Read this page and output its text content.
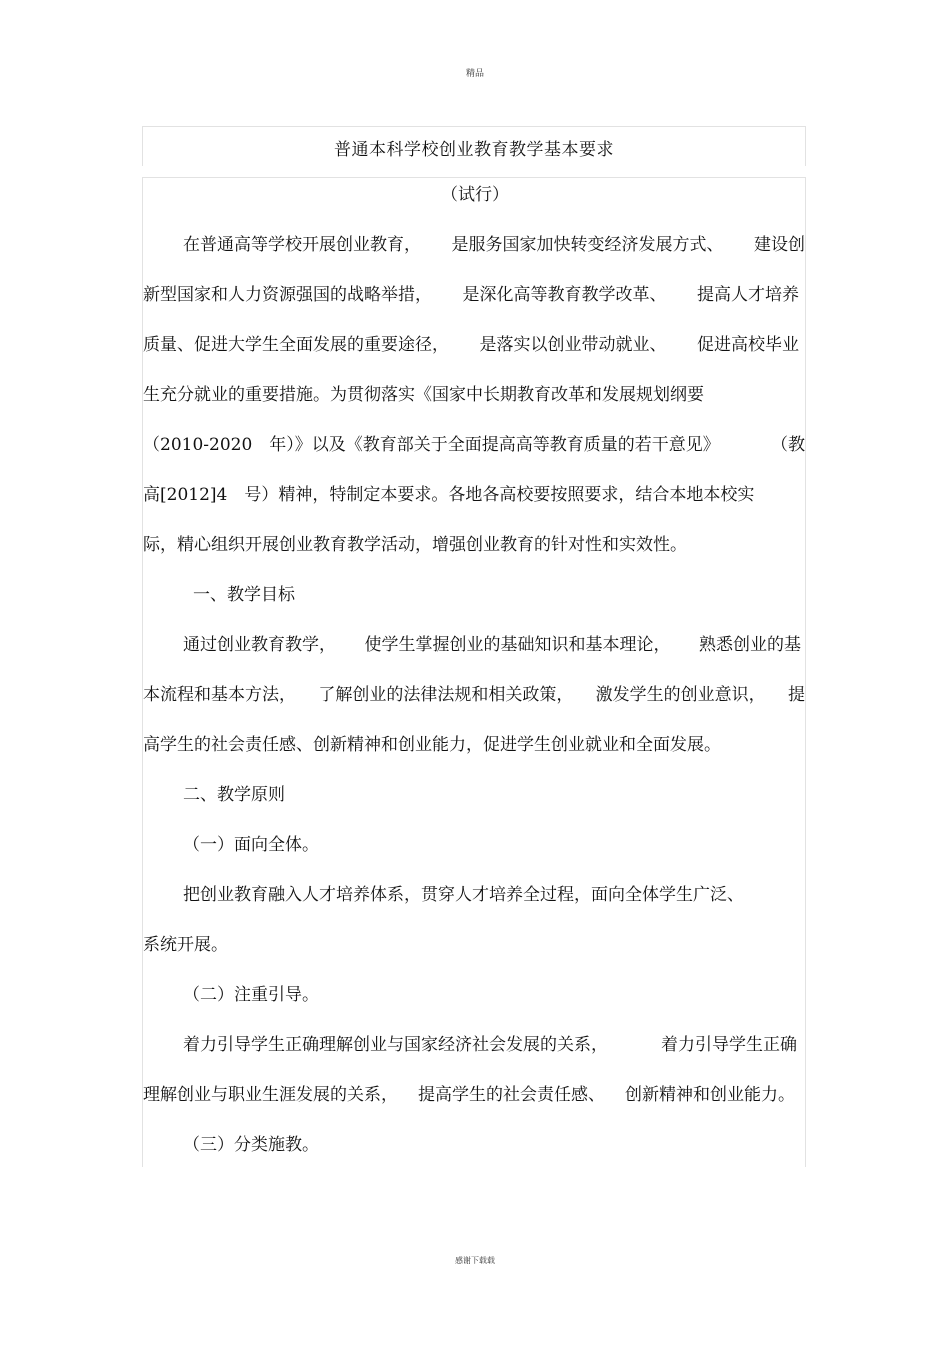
精品
普通本科学校创业教育教学基本要求
（试行）
在普通高等学校开展创业教育， 是服务国家加快转变经济发展方式、 建设创
新型国家和人力资源强国的战略举措， 是深化高等教育教学改革、 提高人才培养
质量、促进大学生全面发展的重要途径， 是落实以创业带动就业、 促进高校毕业
生充分就业的重要措施。为贯彻落实《国家中长期教育改革和发展规划纲要
（2010-2020　年）》以及《教育部关于全面提高高等教育质量的若干意见》	（教
高[2012]4　号）精神，特制定本要求。各地各高校要按照要求，结合本地本校实
际，精心组织开展创业教育教学活动，增强创业教育的针对性和实效性。
一、教学目标
通过创业教育教学， 使学生掌握创业的基础知识和基本理论， 熟悉创业的基
本流程和基本方法， 了解创业的法律法规和相关政策， 激发学生的创业意识， 提
高学生的社会责任感、创新精神和创业能力，促进学生创业就业和全面发展。
二、教学原则
（一）面向全体。
把创业教育融入人才培养体系，贯穿人才培养全过程，面向全体学生广泛、
系统开展。
（二）注重引导。
着力引导学生正确理解创业与国家经济社会发展的关系，	着力引导学生正确
理解创业与职业生涯发展的关系， 提高学生的社会责任感、 创新精神和创业能力。
（三）分类施教。
感谢下载载
